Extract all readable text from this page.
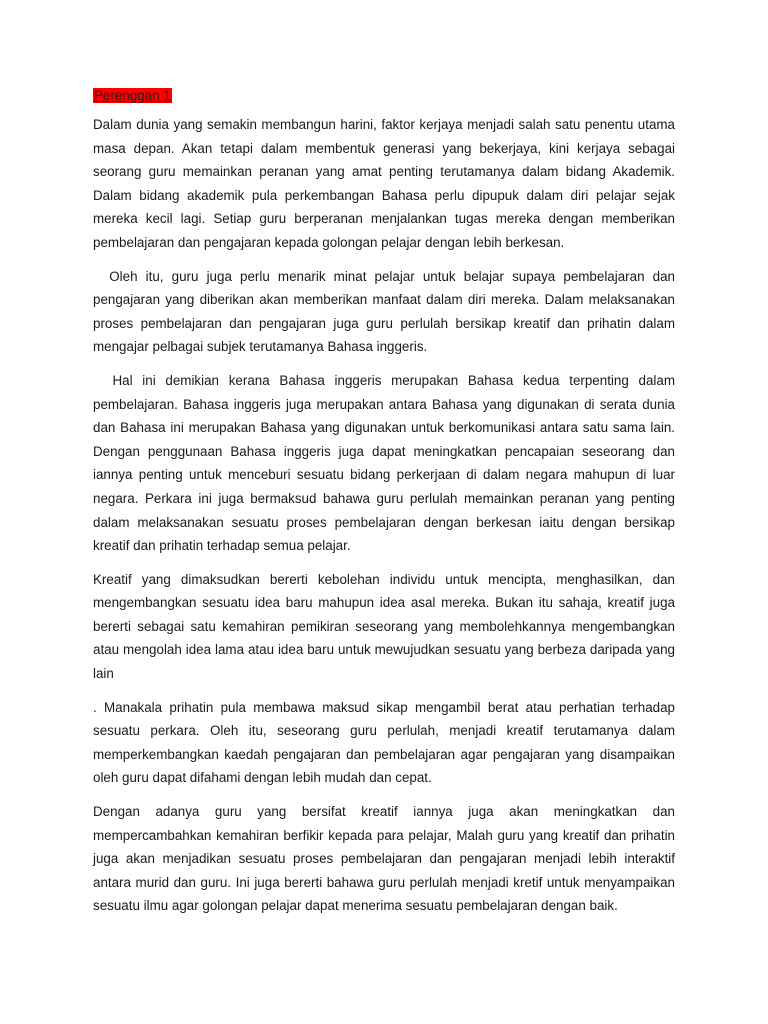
Perenggan 1

Dalam dunia yang semakin membangun harini, faktor kerjaya menjadi salah satu penentu utama masa depan. Akan tetapi dalam membentuk generasi yang bekerjaya, kini kerjaya sebagai seorang guru memainkan peranan yang amat penting terutamanya dalam bidang Akademik. Dalam bidang akademik pula perkembangan Bahasa perlu dipupuk dalam diri pelajar sejak mereka kecil lagi. Setiap guru berperanan menjalankan tugas mereka dengan memberikan pembelajaran dan pengajaran kepada golongan pelajar dengan lebih berkesan.

Oleh itu, guru juga perlu menarik minat pelajar untuk belajar supaya pembelajaran dan pengajaran yang diberikan akan memberikan manfaat dalam diri mereka. Dalam melaksanakan proses pembelajaran dan pengajaran juga guru perlulah bersikap kreatif dan prihatin dalam mengajar pelbagai subjek terutamanya Bahasa inggeris.

Hal ini demikian kerana Bahasa inggeris merupakan Bahasa kedua terpenting dalam pembelajaran. Bahasa inggeris juga merupakan antara Bahasa yang digunakan di serata dunia dan Bahasa ini merupakan Bahasa yang digunakan untuk berkomunikasi antara satu sama lain. Dengan penggunaan Bahasa inggeris juga dapat meningkatkan pencapaian seseorang dan iannya penting untuk menceburi sesuatu bidang perkerjaan di dalam negara mahupun di luar negara. Perkara ini juga bermaksud bahawa guru perlulah memainkan peranan yang penting dalam melaksanakan sesuatu proses pembelajaran dengan berkesan iaitu dengan bersikap kreatif dan prihatin terhadap semua pelajar.

Kreatif yang dimaksudkan bererti kebolehan individu untuk mencipta, menghasilkan, dan mengembangkan sesuatu idea baru mahupun idea asal mereka. Bukan itu sahaja, kreatif juga bererti sebagai satu kemahiran pemikiran seseorang yang membolehkannya mengembangkan atau mengolah idea lama atau idea baru untuk mewujudkan sesuatu yang berbeza daripada yang lain

. Manakala prihatin pula membawa maksud sikap mengambil berat atau perhatian terhadap sesuatu perkara. Oleh itu, seseorang guru perlulah, menjadi kreatif terutamanya dalam memperkembangkan kaedah pengajaran dan pembelajaran agar pengajaran yang disampaikan oleh guru dapat difahami dengan lebih mudah dan cepat.

Dengan adanya guru yang bersifat kreatif iannya juga akan meningkatkan dan mempercambahkan kemahiran berfikir kepada para pelajar, Malah guru yang kreatif dan prihatin juga akan menjadikan sesuatu proses pembelajaran dan pengajaran menjadi lebih interaktif antara murid dan guru. Ini juga bererti bahawa guru perlulah menjadi kretif untuk menyampaikan sesuatu ilmu agar golongan pelajar dapat menerima sesuatu pembelajaran dengan baik.
